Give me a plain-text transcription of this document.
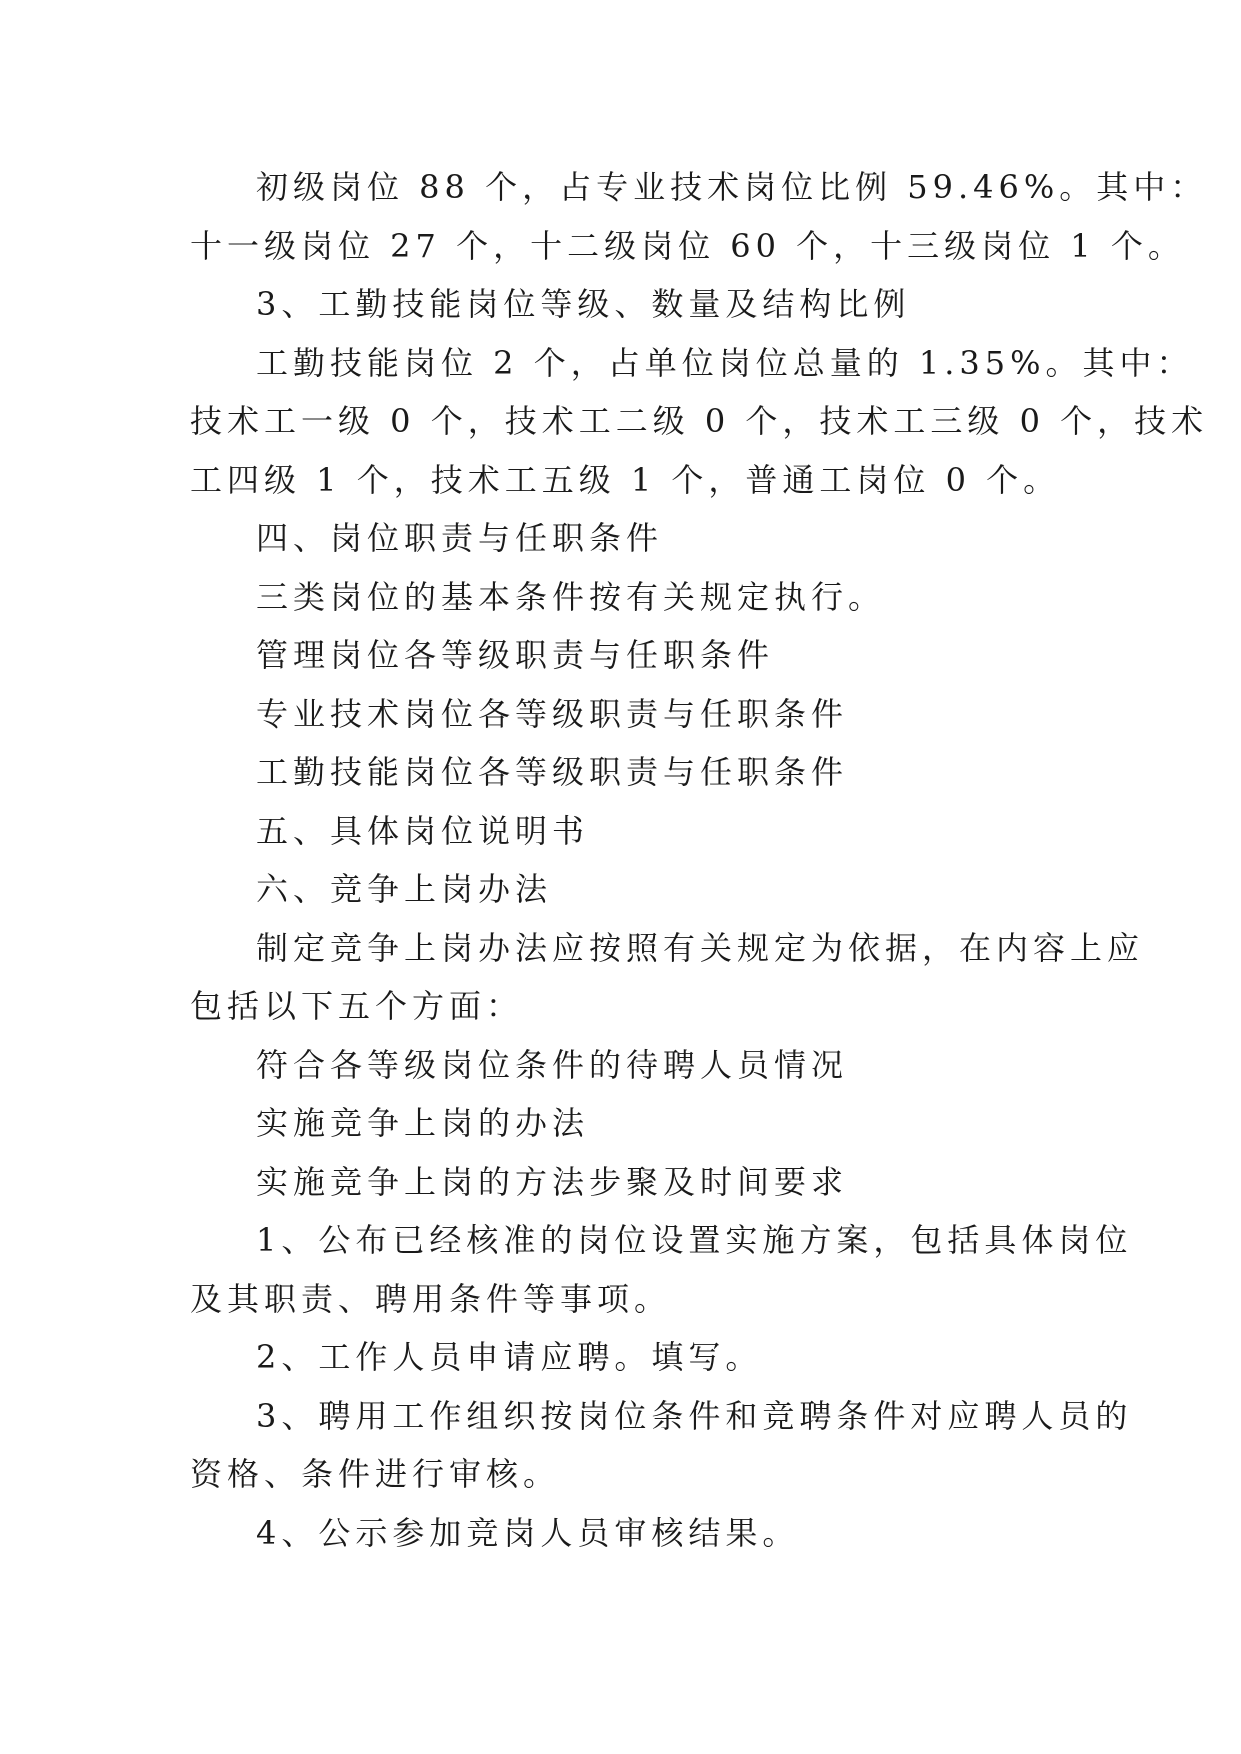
初级岗位 88 个，占专业技术岗位比例 59.46%。其中：
十一级岗位 27 个，十二级岗位 60 个，十三级岗位 1 个。
3、工勤技能岗位等级、数量及结构比例
工勤技能岗位 2 个，占单位岗位总量的 1.35%。其中：
技术工一级 0 个，技术工二级 0 个，技术工三级 0 个，技术
工四级 1 个，技术工五级 1 个，普通工岗位 0 个。
四、岗位职责与任职条件
三类岗位的基本条件按有关规定执行。
管理岗位各等级职责与任职条件
专业技术岗位各等级职责与任职条件
工勤技能岗位各等级职责与任职条件
五、具体岗位说明书
六、竞争上岗办法
制定竞争上岗办法应按照有关规定为依据，在内容上应
包括以下五个方面：
符合各等级岗位条件的待聘人员情况
实施竞争上岗的办法
实施竞争上岗的方法步聚及时间要求
1、公布已经核准的岗位设置实施方案，包括具体岗位
及其职责、聘用条件等事项。
2、工作人员申请应聘。填写。
3、聘用工作组织按岗位条件和竞聘条件对应聘人员的
资格、条件进行审核。
4、公示参加竞岗人员审核结果。
